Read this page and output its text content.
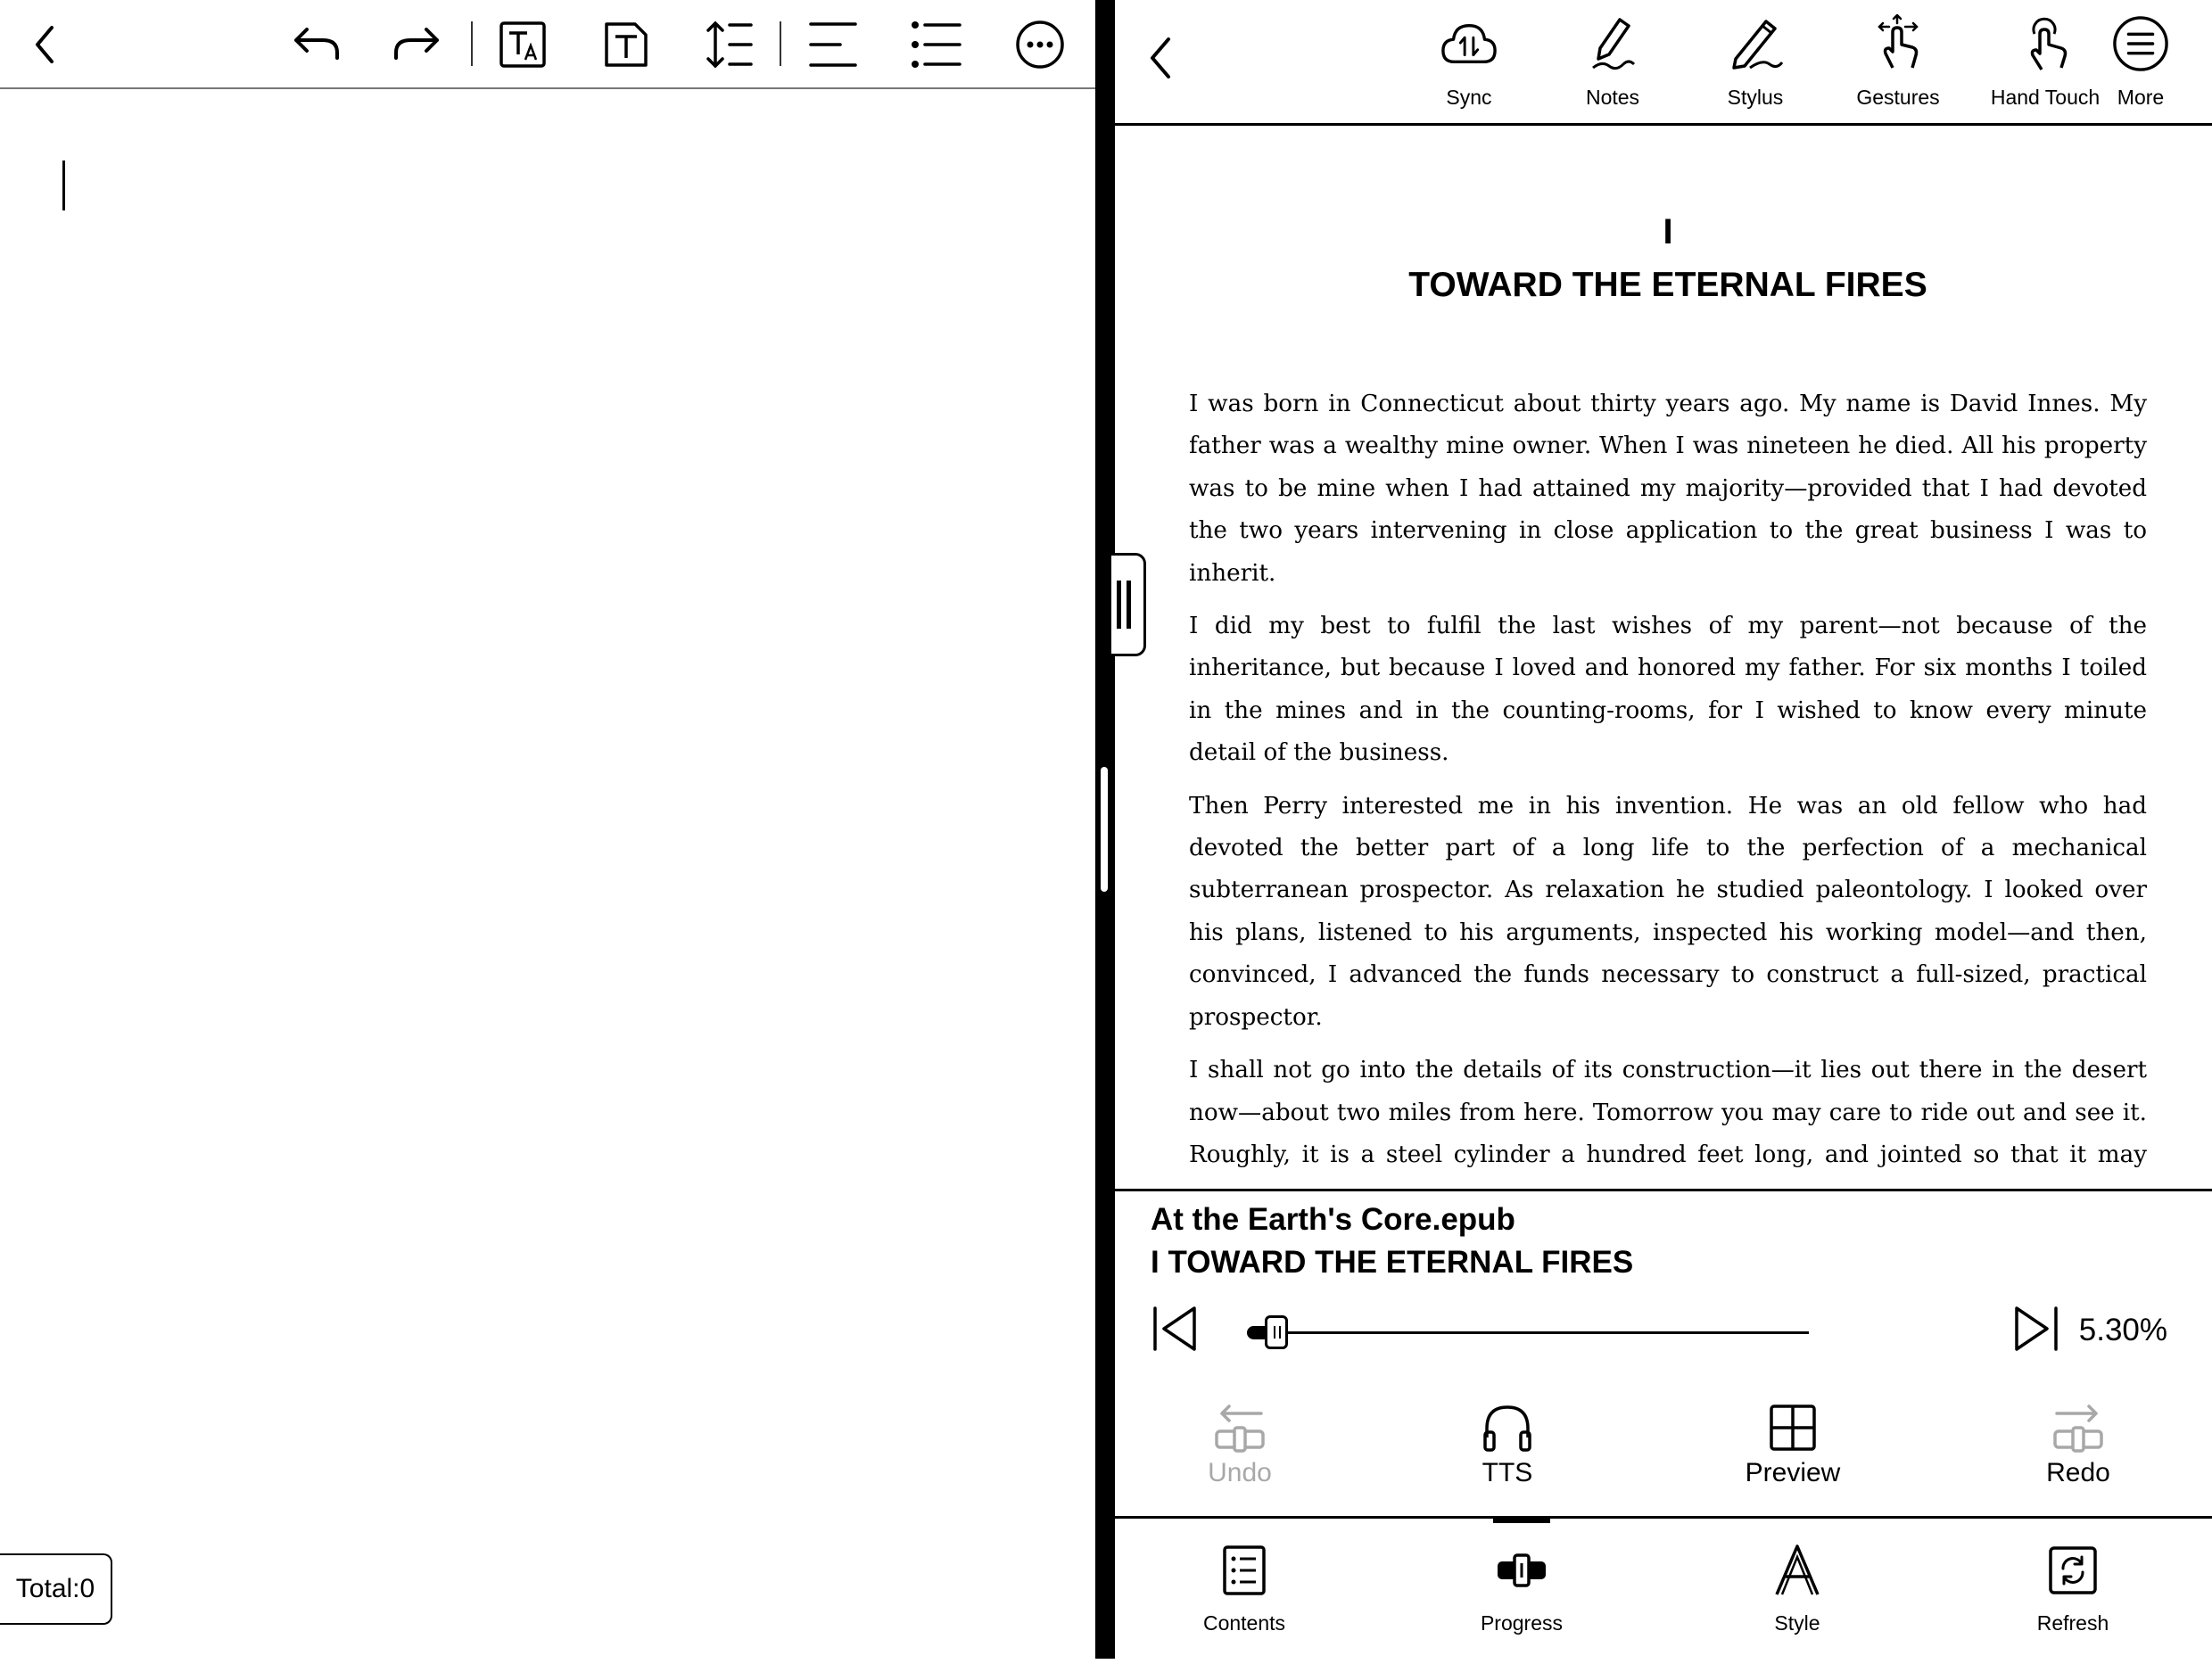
Total:0
Sync	Notes	Stylus	Gestures	Hand Touch More

I

TOWARD THE ETERNAL FIRES

I was born in Connecticut about thirty years ago. My name is David Innes. My father was a wealthy mine owner. When I was nineteen he died. All his property was to be mine when I had attained my majority—provided that I had devoted the two years intervening in close application to the great business I was to inherit.

I did my best to fulfil the last wishes of my parent—not because of the inheritance, but because I loved and honored my father. For six months I toiled in the mines and in the counting-rooms, for I wished to know every minute detail of the business.

Then Perry interested me in his invention. He was an old fellow who had devoted the better part of a long life to the perfection of a mechanical subterranean prospector. As relaxation he studied paleontology. I looked over his plans, listened to his arguments, inspected his working model—and then, convinced, I advanced the funds necessary to construct a full-sized, practical prospector.

I shall not go into the details of its construction—it lies out there in the desert now—about two miles from here. Tomorrow you may care to ride out and see it. Roughly, it is a steel cylinder a hundred feet long, and jointed so that it may

At the Earth's Core.epub
I TOWARD THE ETERNAL FIRES
5.30%
Undo	TTS	Preview	Redo
Contents	Progress	Style	Refresh
